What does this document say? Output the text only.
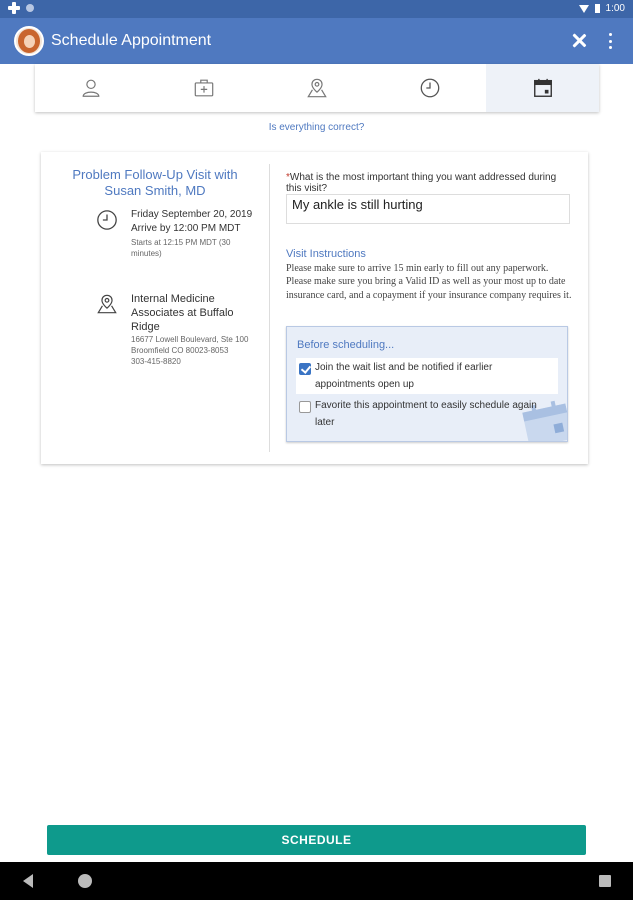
1:00
Schedule Appointment
Is everything correct?
Problem Follow-Up Visit with Susan Smith, MD
Friday September 20, 2019
Arrive by 12:00 PM MDT
Starts at 12:15 PM MDT (30 minutes)
Internal Medicine Associates at Buffalo Ridge
16677 Lowell Boulevard, Ste 100
Broomfield CO 80023-8053
303-415-8820
*What is the most important thing you want addressed during this visit?
My ankle is still hurting
Visit Instructions
Please make sure to arrive 15 min early to fill out any paperwork. Please make sure you bring a Valid ID as well as your most up to date insurance card, and a copayment if your insurance company requires it.
Before scheduling...
Join the wait list and be notified if earlier appointments open up
Favorite this appointment to easily schedule again later
SCHEDULE
